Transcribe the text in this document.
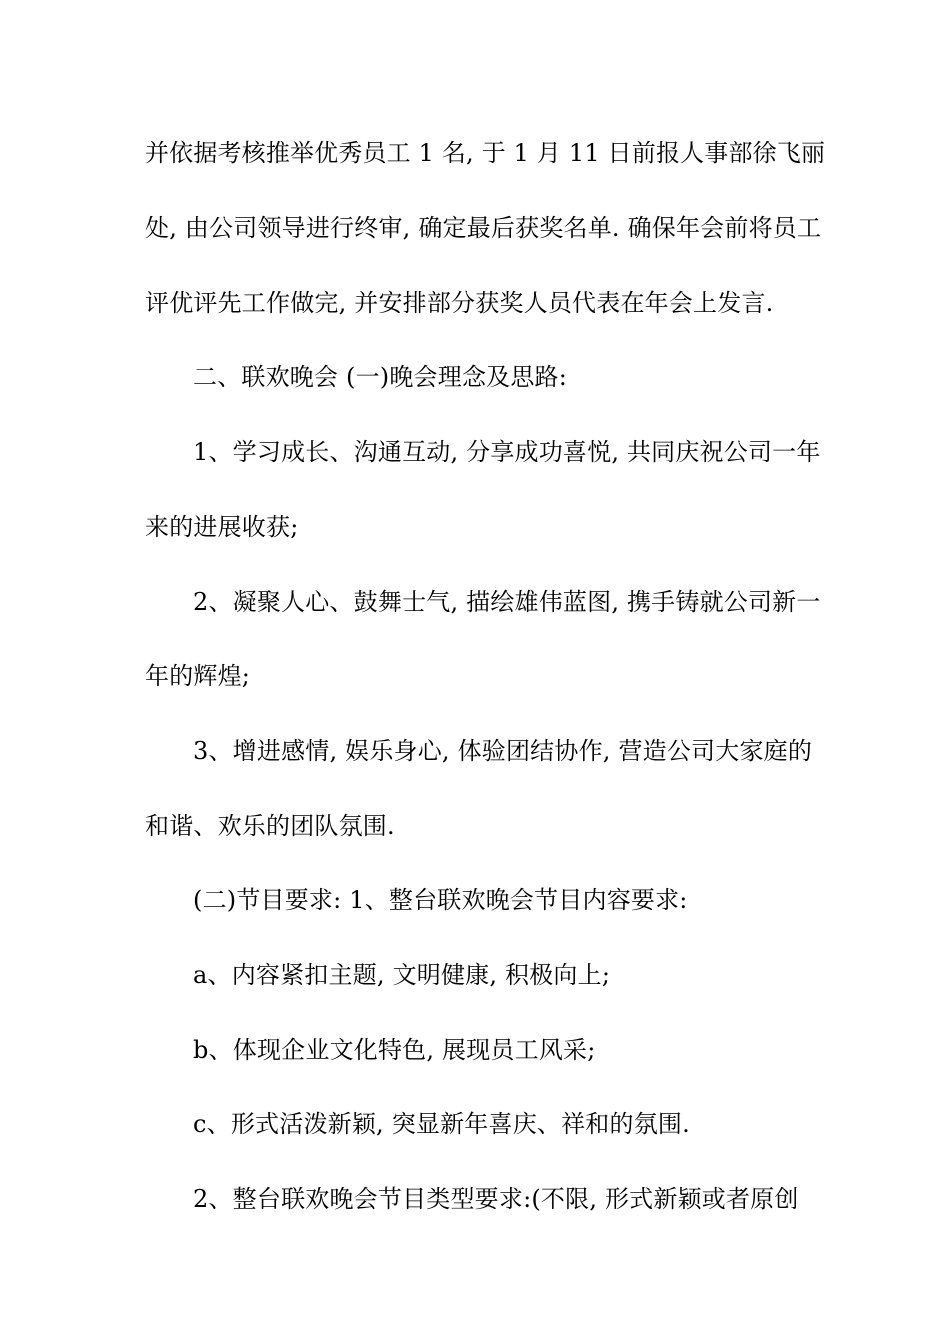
并依据考核推举优秀员工 1 名, 于 1 月 11 日前报人事部徐飞丽
处, 由公司领导进行终审, 确定最后获奖名单. 确保年会前将员工
评优评先工作做完, 并安排部分获奖人员代表在年会上发言.
二、联欢晚会 (一)晚会理念及思路:
1、学习成长、沟通互动, 分享成功喜悦, 共同庆祝公司一年
来的进展收获;
2、凝聚人心、鼓舞士气, 描绘雄伟蓝图, 携手铸就公司新一
年的辉煌;
3、增进感情, 娱乐身心, 体验团结协作, 营造公司大家庭的
和谐、欢乐的团队氛围.
(二)节目要求: 1、整台联欢晚会节目内容要求:
a、内容紧扣主题, 文明健康, 积极向上;
b、体现企业文化特色, 展现员工风采;
c、形式活泼新颖, 突显新年喜庆、祥和的氛围.
2、整台联欢晚会节目类型要求:(不限, 形式新颖或者原创
